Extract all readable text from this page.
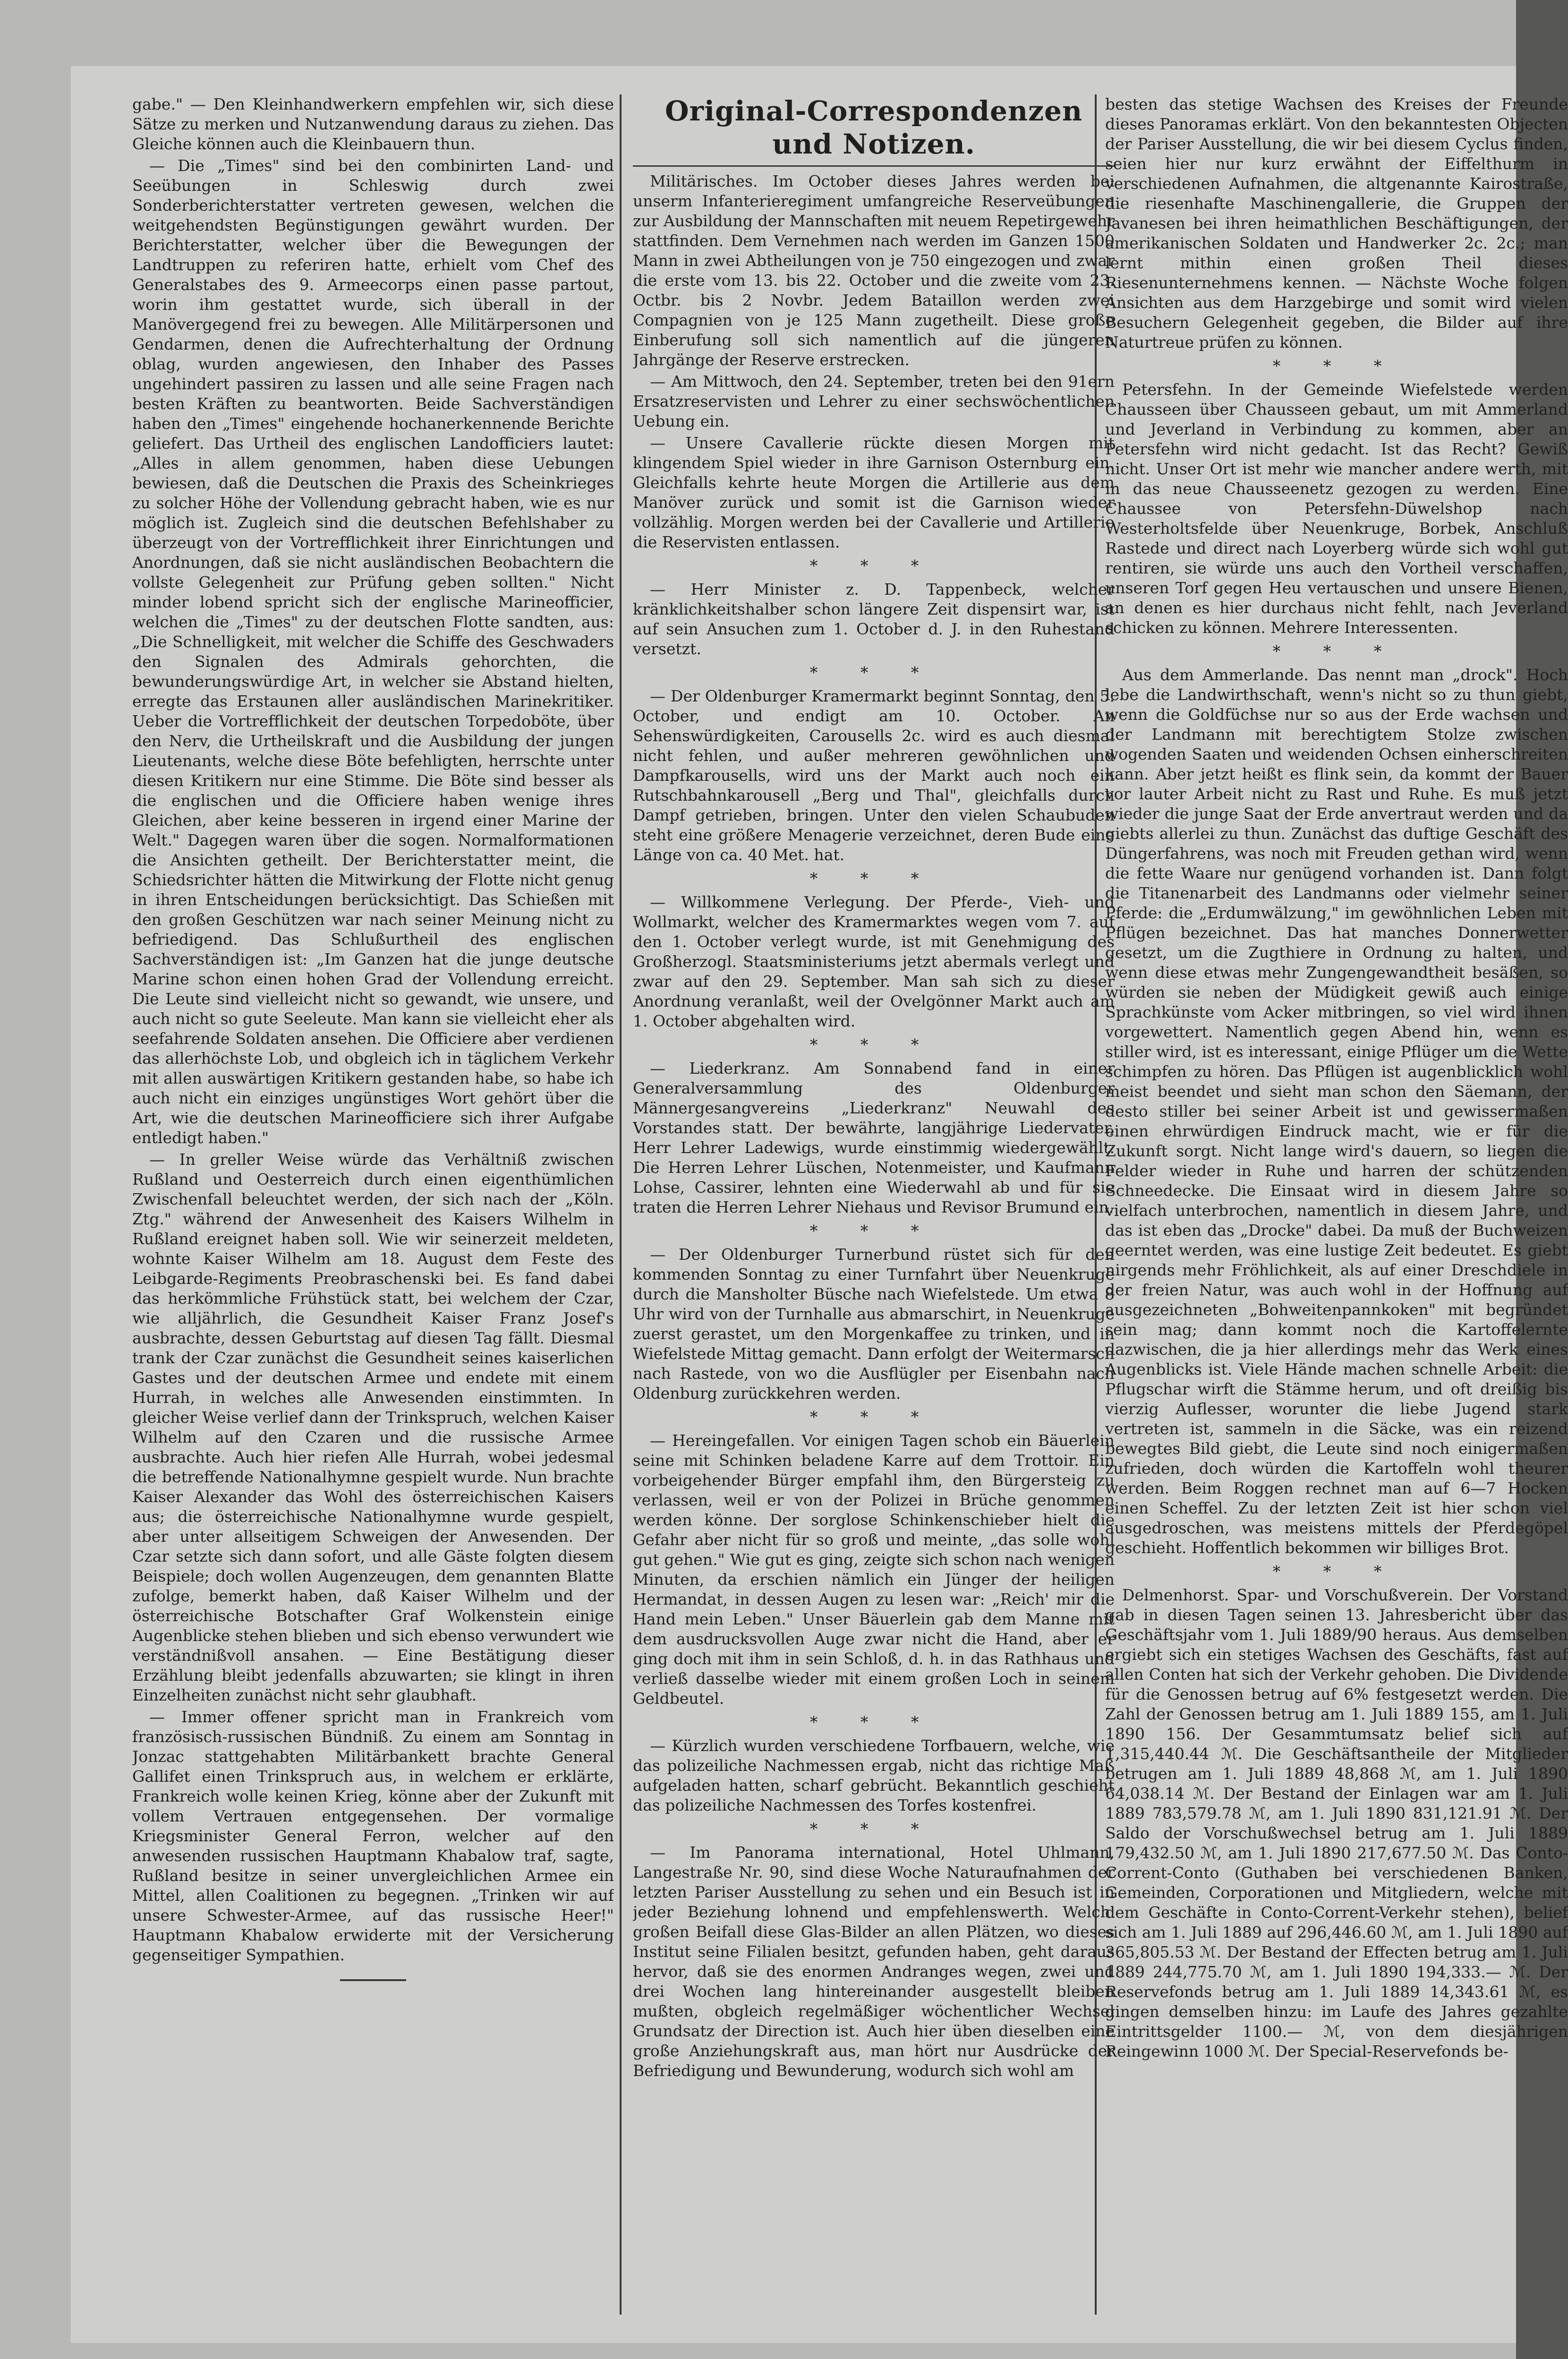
gabe." — Den Kleinhandwerkern empfehlen wir, sich diese Sätze zu merken und Nutzanwendung daraus zu ziehen. Das Gleiche können auch die Kleinbauern thun.

— Die „Times" sind bei den combinirten Land- und Seeübungen in Schleswig durch zwei Sonderberichterstatter vertreten gewesen, welchen die weitgehendsten Begünstigungen gewährt wurden. Der Berichterstatter, welcher über die Bewegungen der Landtruppen zu referiren hatte, erhielt vom Chef des Generalstabes des 9. Armeecorps einen passe partout, worin ihm gestattet wurde, sich überall in der Manövergegend frei zu bewegen. Alle Militärpersonen und Gendarmen, denen die Aufrechterhaltung der Ordnung oblag, wurden angewiesen, den Inhaber des Passes ungehindert passiren zu lassen und alle seine Fragen nach besten Kräften zu beantworten. Beide Sachverständigen haben den „Times" eingehende hochanerkennende Berichte geliefert. Das Urtheil des englischen Landofficiers lautet: „Alles in allem genommen, haben diese Uebungen bewiesen, daß die Deutschen die Praxis des Scheinkrieges zu solcher Höhe der Vollendung gebracht haben, wie es nur möglich ist. Zugleich sind die deutschen Befehlshaber zu überzeugt von der Vortrefflichkeit ihrer Einrichtungen und Anordnungen, daß sie nicht ausländischen Beobachtern die vollste Gelegenheit zur Prüfung geben sollten." Nicht minder lobend spricht sich der englische Marineofficier, welchen die „Times" zu der deutschen Flotte sandten, aus: „Die Schnelligkeit, mit welcher die Schiffe des Geschwaders den Signalen des Admirals gehorchten, die bewunderungswürdige Art, in welcher sie Abstand hielten, erregte das Erstaunen aller ausländischen Marinekritiker. Ueber die Vortrefflichkeit der deutschen Torpedoböte, über den Nerv, die Urtheilskraft und die Ausbildung der jungen Lieutenants, welche diese Böte befehligten, herrschte unter diesen Kritikern nur eine Stimme. Die Böte sind besser als die englischen und die Officiere haben wenige ihres Gleichen, aber keine besseren in irgend einer Marine der Welt." Dagegen waren über die sogen. Normalformationen die Ansichten getheilt. Der Berichterstatter meint, die Schiedsrichter hätten die Mitwirkung der Flotte nicht genug in ihren Entscheidungen berücksichtigt. Das Schießen mit den großen Geschützen war nach seiner Meinung nicht zu befriedigend. Das Schlußurtheil des englischen Sachverständigen ist: „Im Ganzen hat die junge deutsche Marine schon einen hohen Grad der Vollendung erreicht. Die Leute sind vielleicht nicht so gewandt, wie unsere, und auch nicht so gute Seeleute. Man kann sie vielleicht eher als seefahrende Soldaten ansehen. Die Officiere aber verdienen das allerhöchste Lob, und obgleich ich in täglichem Verkehr mit allen auswärtigen Kritikern gestanden habe, so habe ich auch nicht ein einziges ungünstiges Wort gehört über die Art, wie die deutschen Marineofficiere sich ihrer Aufgabe entledigt haben."

— In greller Weise würde das Verhältniß zwischen Rußland und Oesterreich durch einen eigenthümlichen Zwischenfall beleuchtet werden, der sich nach der „Köln. Ztg." während der Anwesenheit des Kaisers Wilhelm in Rußland ereignet haben soll. Wie wir seinerzeit meldeten, wohnte Kaiser Wilhelm am 18. August dem Feste des Leibgarde-Regiments Preobraschenski bei. Es fand dabei das herkömmliche Frühstück statt, bei welchem der Czar, wie alljährlich, die Gesundheit Kaiser Franz Josef's ausbrachte, dessen Geburtstag auf diesen Tag fällt. Diesmal trank der Czar zunächst die Gesundheit seines kaiserlichen Gastes und der deutschen Armee und endete mit einem Hurrah, in welches alle Anwesenden einstimmten. In gleicher Weise verlief dann der Trinkspruch, welchen Kaiser Wilhelm auf den Czaren und die russische Armee ausbrachte. Auch hier riefen Alle Hurrah, wobei jedesmal die betreffende Nationalhymne gespielt wurde. Nun brachte Kaiser Alexander das Wohl des österreichischen Kaisers aus; die österreichische Nationalhymne wurde gespielt, aber unter allseitigem Schweigen der Anwesenden. Der Czar setzte sich dann sofort, und alle Gäste folgten diesem Beispiele; doch wollen Augenzeugen, dem genannten Blatte zufolge, bemerkt haben, daß Kaiser Wilhelm und der österreichische Botschafter Graf Wolkenstein einige Augenblicke stehen blieben und sich ebenso verwundert wie verständnißvoll ansahen. — Eine Bestätigung dieser Erzählung bleibt jedenfalls abzuwarten; sie klingt in ihren Einzelheiten zunächst nicht sehr glaubhaft.

— Immer offener spricht man in Frankreich vom französisch-russischen Bündniß. Zu einem am Sonntag in Jonzac stattgehabten Militärbankett brachte General Gallifet einen Trinkspruch aus, in welchem er erklärte, Frankreich wolle keinen Krieg, könne aber der Zukunft mit vollem Vertrauen entgegensehen. Der vormalige Kriegsminister General Ferron, welcher auf den anwesenden russischen Hauptmann Khabalow traf, sagte, Rußland besitze in seiner unvergleichlichen Armee ein Mittel, allen Coalitionen zu begegnen. „Trinken wir auf unsere Schwester-Armee, auf das russische Heer!" Hauptmann Khabalow erwiderte mit der Versicherung gegenseitiger Sympathien.

Original-Correspondenzen und Notizen.

Militärisches. Im October dieses Jahres werden bei unserm Infanterieregiment umfangreiche Reserveübungen zur Ausbildung der Mannschaften mit neuem Repetirgewehr stattfinden. Dem Vernehmen nach werden im Ganzen 1500 Mann in zwei Abtheilungen von je 750 eingezogen und zwar die erste vom 13. bis 22. October und die zweite vom 23. Octbr. bis 2 Novbr. Jedem Bataillon werden zwei Compagnien von je 125 Mann zugetheilt. Diese große Einberufung soll sich namentlich auf die jüngeren Jahrgänge der Reserve erstrecken.

— Am Mittwoch, den 24. September, treten bei den 91ern Ersatzreservisten und Lehrer zu einer sechswöchentlichen Uebung ein.

— Unsere Cavallerie rückte diesen Morgen mit klingendem Spiel wieder in ihre Garnison Osternburg ein. Gleichfalls kehrte heute Morgen die Artillerie aus dem Manöver zurück und somit ist die Garnison wieder vollzählig. Morgen werden bei der Cavallerie und Artillerie die Reservisten entlassen.

* * *

— Herr Minister z. D. Tappenbeck, welcher kränklichkeitshalber schon längere Zeit dispensirt war, ist auf sein Ansuchen zum 1. October d. J. in den Ruhestand versetzt.

* * *

— Der Oldenburger Kramermarkt beginnt Sonntag, den 5. October, und endigt am 10. October. An Sehenswürdigkeiten, Carousells 2c. wird es auch diesmal nicht fehlen, und außer mehreren gewöhnlichen und Dampfkarousells, wird uns der Markt auch noch ein Rutschbahnkarousell „Berg und Thal", gleichfalls durch Dampf getrieben, bringen. Unter den vielen Schaubuden steht eine größere Menagerie verzeichnet, deren Bude eine Länge von ca. 40 Met. hat.

* * *

— Willkommene Verlegung. Der Pferde-, Vieh- und Wollmarkt, welcher des Kramermarktes wegen vom 7. auf den 1. October verlegt wurde, ist mit Genehmigung des Großherzogl. Staatsministeriums jetzt abermals verlegt und zwar auf den 29. September. Man sah sich zu dieser Anordnung veranlaßt, weil der Ovelgönner Markt auch am 1. October abgehalten wird.

* * *

— Liederkranz. Am Sonnabend fand in einer Generalversammlung des Oldenburger Männergesangvereins „Liederkranz" Neuwahl des Vorstandes statt. Der bewährte, langjährige Liedervater, Herr Lehrer Ladewigs, wurde einstimmig wiedergewählt. Die Herren Lehrer Lüschen, Notenmeister, und Kaufmann Lohse, Cassirer, lehnten eine Wiederwahl ab und für sie traten die Herren Lehrer Niehaus und Revisor Brumund ein.

* * *

— Der Oldenburger Turnerbund rüstet sich für den kommenden Sonntag zu einer Turnfahrt über Neuenkruge durch die Mansholter Büsche nach Wiefelstede. Um etwa 8 Uhr wird von der Turnhalle aus abmarschirt, in Neuenkruge zuerst gerastet, um den Morgenkaffee zu trinken, und in Wiefelstede Mittag gemacht. Dann erfolgt der Weitermarsch nach Rastede, von wo die Ausflügler per Eisenbahn nach Oldenburg zurückkehren werden.

* * *

— Hereingefallen. Vor einigen Tagen schob ein Bäuerlein seine mit Schinken beladene Karre auf dem Trottoir. Ein vorbeigehender Bürger empfahl ihm, den Bürgersteig zu verlassen, weil er von der Polizei in Brüche genommen werden könne. Der sorglose Schinkenschieber hielt die Gefahr aber nicht für so groß und meinte, „das solle wohl gut gehen." Wie gut es ging, zeigte sich schon nach wenigen Minuten, da erschien nämlich ein Jünger der heiligen Hermandat, in dessen Augen zu lesen war: „Reich' mir die Hand mein Leben." Unser Bäuerlein gab dem Manne mit dem ausdrucksvollen Auge zwar nicht die Hand, aber er ging doch mit ihm in sein Schloß, d. h. in das Rathhaus und verließ dasselbe wieder mit einem großen Loch in seinem Geldbeutel.

* * *

— Kürzlich wurden verschiedene Torfbauern, welche, wie das polizeiliche Nachmessen ergab, nicht das richtige Maß aufgeladen hatten, scharf gebrücht. Bekanntlich geschieht das polizeiliche Nachmessen des Torfes kostenfrei.

* * *

— Im Panorama international, Hotel Uhlmann, Langestraße Nr. 90, sind diese Woche Naturaufnahmen der letzten Pariser Ausstellung zu sehen und ein Besuch ist in jeder Beziehung lohnend und empfehlenswerth. Welch' großen Beifall diese Glas-Bilder an allen Plätzen, wo dieses Institut seine Filialen besitzt, gefunden haben, geht daraus hervor, daß sie des enormen Andranges wegen, zwei und drei Wochen lang hintereinander ausgestellt bleiben mußten, obgleich regelmäßiger wöchentlicher Wechsel Grundsatz der Direction ist. Auch hier üben dieselben eine große Anziehungskraft aus, man hört nur Ausdrücke der Befriedigung und Bewunderung, wodurch sich wohl am

besten das stetige Wachsen des Kreises der Freunde dieses Panoramas erklärt. Von den bekanntesten Objecten der Pariser Ausstellung, die wir bei diesem Cyclus finden, seien hier nur kurz erwähnt der Eiffelthurm in verschiedenen Aufnahmen, die altgenannte Kairostraße, die riesenhafte Maschinengallerie, die Gruppen der Javanesen bei ihren heimathlichen Beschäftigungen, der amerikanischen Soldaten und Handwerker 2c. 2c.; man lernt mithin einen großen Theil dieses Riesenunternehmens kennen. — Nächste Woche folgen Ansichten aus dem Harzgebirge und somit wird vielen Besuchern Gelegenheit gegeben, die Bilder auf ihre Naturtreue prüfen zu können.

* * *

Petersfehn. In der Gemeinde Wiefelstede werden Chausseen über Chausseen gebaut, um mit Ammerland und Jeverland in Verbindung zu kommen, aber an Petersfehn wird nicht gedacht. Ist das Recht? Gewiß nicht. Unser Ort ist mehr wie mancher andere werth, mit in das neue Chausseenetz gezogen zu werden. Eine Chaussee von Petersfehn-Düwelshop nach Westerholtsfelde über Neuenkruge, Borbek, Anschluß Rastede und direct nach Loyerberg würde sich wohl gut rentiren, sie würde uns auch den Vortheil verschaffen, unseren Torf gegen Heu vertauschen und unsere Bienen, an denen es hier durchaus nicht fehlt, nach Jeverland schicken zu können. Mehrere Interessenten.

* * *

Aus dem Ammerlande. Das nennt man „drock". Hoch lebe die Landwirthschaft, wenn's nicht so zu thun giebt, wenn die Goldfüchse nur so aus der Erde wachsen und der Landmann mit berechtigtem Stolze zwischen wogenden Saaten und weidenden Ochsen einherschreiten kann. Aber jetzt heißt es flink sein, da kommt der Bauer vor lauter Arbeit nicht zu Rast und Ruhe. Es muß jetzt wieder die junge Saat der Erde anvertraut werden und da giebts allerlei zu thun. Zunächst das duftige Geschäft des Düngerfahrens, was noch mit Freuden gethan wird, wenn die fette Waare nur genügend vorhanden ist. Dann folgt die Titanenarbeit des Landmanns oder vielmehr seiner Pferde: die „Erdumwälzung," im gewöhnlichen Leben mit Pflügen bezeichnet. Das hat manches Donnerwetter gesetzt, um die Zugthiere in Ordnung zu halten, und wenn diese etwas mehr Zungengewandtheit besäßen, so würden sie neben der Müdigkeit gewiß auch einige Sprachkünste vom Acker mitbringen, so viel wird ihnen vorgewettert. Namentlich gegen Abend hin, wenn es stiller wird, ist es interessant, einige Pflüger um die Wette schimpfen zu hören. Das Pflügen ist augenblicklich wohl meist beendet und sieht man schon den Säemann, der desto stiller bei seiner Arbeit ist und gewissermaßen einen ehrwürdigen Eindruck macht, wie er für die Zukunft sorgt. Nicht lange wird's dauern, so liegen die Felder wieder in Ruhe und harren der schützenden Schneedecke. Die Einsaat wird in diesem Jahre so vielfach unterbrochen, namentlich in diesem Jahre, und das ist eben das „Drocke" dabei. Da muß der Buchweizen geerntet werden, was eine lustige Zeit bedeutet. Es giebt nirgends mehr Fröhlichkeit, als auf einer Dreschdiele in der freien Natur, was auch wohl in der Hoffnung auf ausgezeichneten „Bohweitenpannkoken" mit begründet sein mag; dann kommt noch die Kartoffelernte dazwischen, die ja hier allerdings mehr das Werk eines Augenblicks ist. Viele Hände machen schnelle Arbeit: die Pflugschar wirft die Stämme herum, und oft dreißig bis vierzig Auflesser, worunter die liebe Jugend stark vertreten ist, sammeln in die Säcke, was ein reizend bewegtes Bild giebt, die Leute sind noch einigermaßen zufrieden, doch würden die Kartoffeln wohl theurer werden. Beim Roggen rechnet man auf 6—7 Hocken einen Scheffel. Zu der letzten Zeit ist hier schon viel ausgedroschen, was meistens mittels der Pferdegöpel geschieht. Hoffentlich bekommen wir billiges Brot.

* * *

Delmenhorst. Spar- und Vorschußverein. Der Vorstand gab in diesen Tagen seinen 13. Jahresbericht über das Geschäftsjahr vom 1. Juli 1889/90 heraus. Aus demselben ergiebt sich ein stetiges Wachsen des Geschäfts, fast auf allen Conten hat sich der Verkehr gehoben. Die Dividende für die Genossen betrug auf 6% festgesetzt werden. Die Zahl der Genossen betrug am 1. Juli 1889 155, am 1. Juli 1890 156. Der Gesammtumsatz belief sich auf 1,315,440.44 ℳ. Die Geschäftsantheile der Mitglieder betrugen am 1. Juli 1889 48,868 ℳ, am 1. Juli 1890 64,038.14 ℳ. Der Bestand der Einlagen war am 1. Juli 1889 783,579.78 ℳ, am 1. Juli 1890 831,121.91 ℳ. Der Saldo der Vorschußwechsel betrug am 1. Juli 1889 179,432.50 ℳ, am 1. Juli 1890 217,677.50 ℳ. Das Conto-Corrent-Conto (Guthaben bei verschiedenen Banken, Gemeinden, Corporationen und Mitgliedern, welche mit dem Geschäfte in Conto-Corrent-Verkehr stehen), belief sich am 1. Juli 1889 auf 296,446.60 ℳ, am 1. Juli 1890 auf 365,805.53 ℳ. Der Bestand der Effecten betrug am 1. Juli 1889 244,775.70 ℳ, am 1. Juli 1890 194,333.— ℳ. Der Reservefonds betrug am 1. Juli 1889 14,343.61 ℳ, es gingen demselben hinzu: im Laufe des Jahres gezahlte Eintrittsgelder 1100.— ℳ, von dem diesjährigen Reingewinn 1000 ℳ. Der Special-Reservefonds be-
